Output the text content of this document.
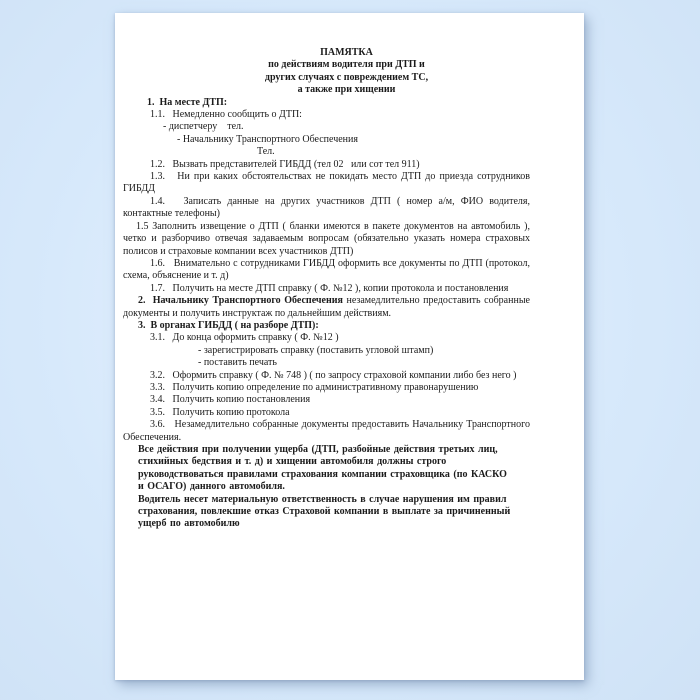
ПАМЯТКА

по действиям водителя при ДТП и

других случаях с повреждением ТС,

а также при хищении

1.  На месте ДТП:

1.1.   Немедленно сообщить о ДТП:

- диспетчеру    тел.

- Начальнику Транспортного Обеспечения

Тел.

1.2.   Вызвать представителей ГИБДД (тел 02   или сот тел 911)

1.3.   Ни при каких обстоятельствах не покидать место ДТП до приезда сотрудников ГИБДД

1.4.   Записать данные на других участников ДТП ( номер а/м, ФИО водителя, контактные телефоны)

1.5 Заполнить извещение о ДТП ( бланки имеются в пакете документов на автомобиль ), четко и разборчиво отвечая задаваемым вопросам (обязательно указать номера страховых полисов и страховые компании всех участников ДТП)

1.6.   Внимательно с сотрудниками ГИБДД оформить все документы по ДТП (протокол, схема, объяснение и т. д)

1.7.   Получить на месте ДТП справку ( Ф. №12 ), копии протокола и постановления

2.  Начальнику Транспортного Обеспечения незамедлительно предоставить собранные документы и получить инструктаж по дальнейшим действиям.

3.  В органах ГИБДД ( на разборе ДТП):

3.1.   До конца оформить справку ( Ф. №12 )

- зарегистрировать справку (поставить угловой штамп)

- поставить печать

3.2.   Оформить справку ( Ф. № 748 ) ( по запросу страховой компании либо без него )

3.3.   Получить копию определение по административному правонарушению

3.4.   Получить копию постановления

3.5.   Получить копию протокола

3.6.   Незамедлительно собранные документы предоставить Начальнику Транспортного Обеспечения.

Все действия при получении ущерба (ДТП, разбойные действия третьих лиц, стихийных бедствия и т. д) и хищении автомобиля должны строго руководствоваться правилами страхования компании страховщика (по КАСКО и ОСАГО) данного автомобиля.

Водитель несет материальную ответственность в случае нарушения им правил страхования, повлекшие отказ Страховой компании в выплате за причиненный ущерб по автомобилю
